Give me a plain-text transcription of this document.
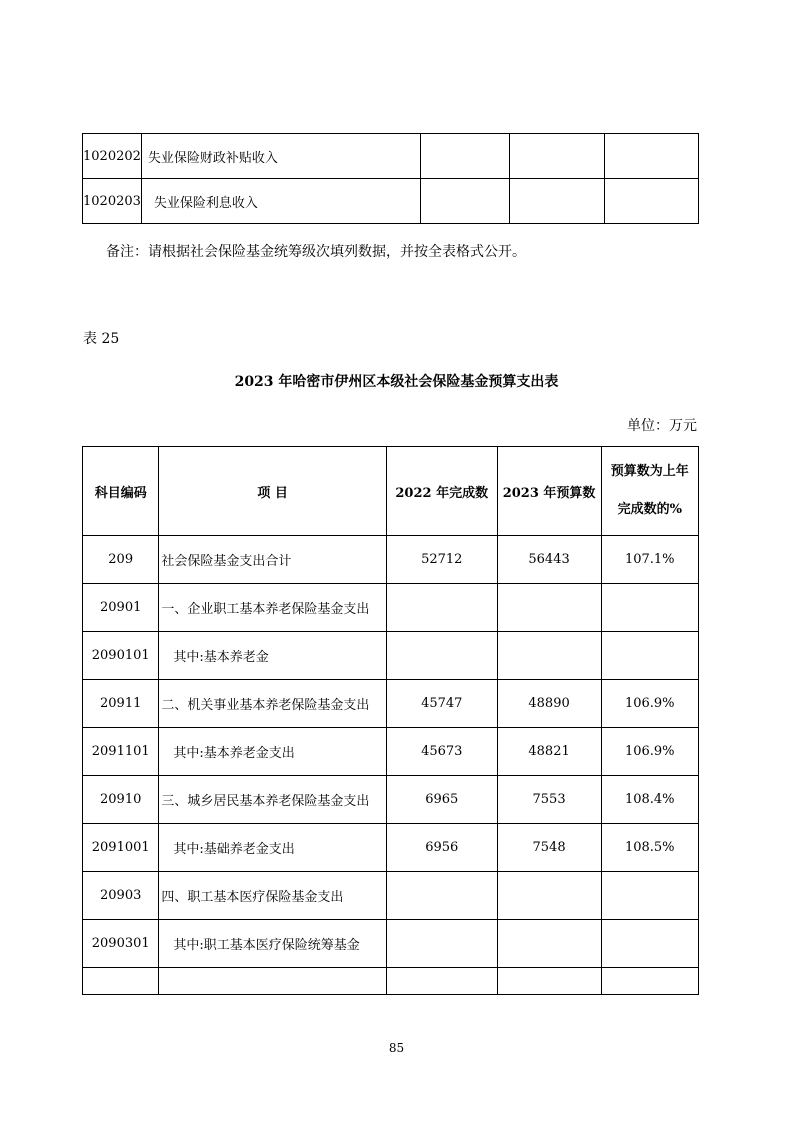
1020202	失业保险财政补贴收入			
1020203	失业保险利息收入			
备注：请根据社会保险基金统筹级次填列数据，并按全表格式公开。
表 25
2023 年哈密市伊州区本级社会保险基金预算支出表
单位：万元
科目编码	项 目	2022 年完成数	2023 年预算数	预算数为上年
完成数的%

209	社会保险基金支出合计	52712	56443	107.1%
20901	一、企业职工基本养老保险基金支出			
2090101	其中:基本养老金			
20911	二、机关事业基本养老保险基金支出	45747	48890	106.9%
2091101	其中:基本养老金支出	45673	48821	106.9%
20910	三、城乡居民基本养老保险基金支出	6965	7553	108.4%
2091001	其中:基础养老金支出	6956	7548	108.5%
20903	四、职工基本医疗保险基金支出			
2090301	其中:职工基本医疗保险统筹基金			

85
